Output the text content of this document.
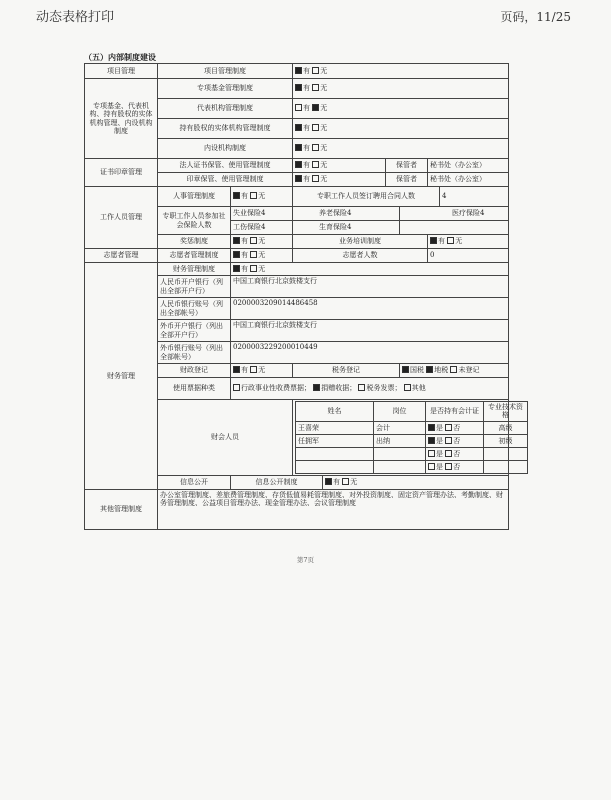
动态表格打印	页码，11/25
（五）内部制度建设
项目管理	项目管理制度	有 无
专项基金、代表机构、持有股权的实体机构管理、内设机构制度	专项基金管理制度	有 无
代表机构管理制度	有 无
持有股权的实体机构管理制度	有 无
内设机构制度	有 无
证书印章管理	法人证书保管、使用管理制度	有 无	保管者	秘书处（办公室）
印章保管、使用管理制度	有 无	保管者	秘书处（办公室）
工作人员管理	人事管理制度	有 无	专职工作人员签订聘用合同人数	4
专职工作人员参加社会保险人数	失业保险4	养老保险4	医疗保险4
工伤保险4	生育保险4	
奖惩制度	有 无	业务培训制度	有 无
志愿者管理	志愿者管理制度	有 无	志愿者人数	0
财务管理	财务管理制度	有 无
人民币开户银行（列出全部开户行）	中国工商银行北京鼓楼支行
人民币银行账号（列出全部帐号）	0200003209014486458
外币开户银行（列出全部开户行）	中国工商银行北京鼓楼支行
外币银行账号（列出全部帐号）	0200003229200010449
财政登记	有 无	税务登记	国税 地税 未登记
使用票据种类	行政事业性收费票据； 捐赠收据； 税务发票； 其他
财会人员	
姓名	岗位	是否持有会计证	专业技术资格
王喜荣	会计	是 否	高级
任拥军	出纳	是 否	初级
		是 否	
		是 否	

信息公开	信息公开制度	有 无
其他管理制度	办公室管理制度、差旅费管理制度、存货低值易耗管理制度、对外投资制度、固定资产管理办法、考勤制度、财务管理制度、公益项目管理办法、现金管理办法、会议管理制度
第7页
